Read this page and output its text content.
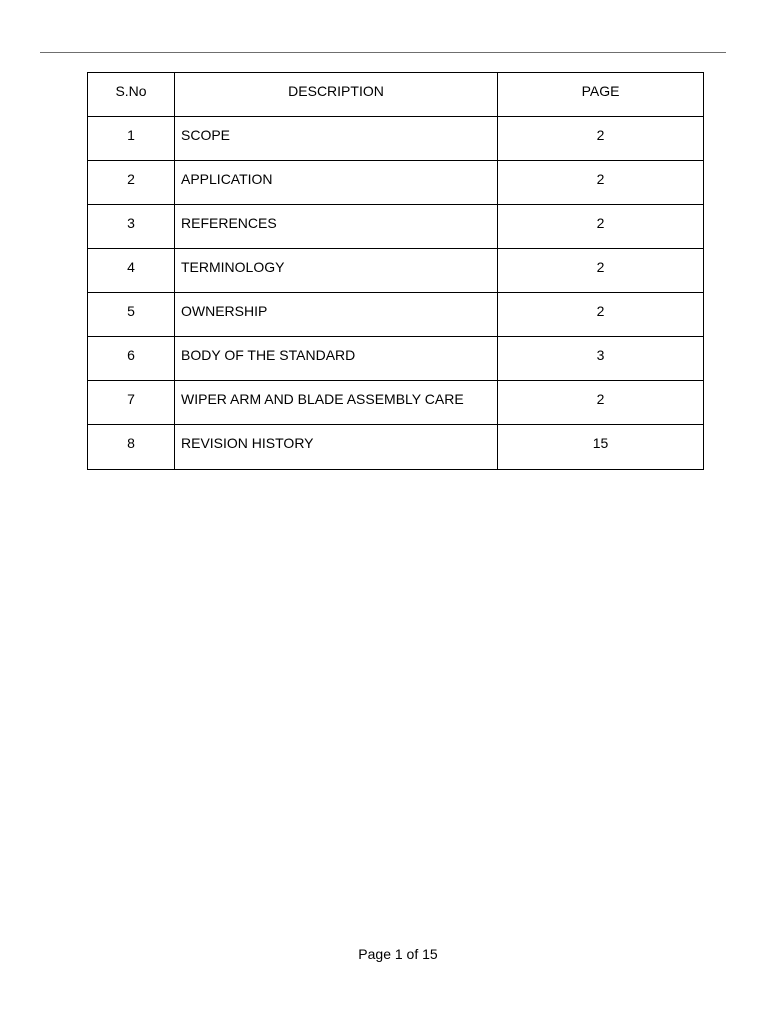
S.No	DESCRIPTION	PAGE

1	SCOPE	2

2	APPLICATION	2

3	REFERENCES	2

4	TERMINOLOGY	2

5	OWNERSHIP	2

6	BODY OF THE STANDARD	3

7	WIPER ARM AND BLADE ASSEMBLY CARE	2

8	REVISION HISTORY	15
Page 1 of 15
